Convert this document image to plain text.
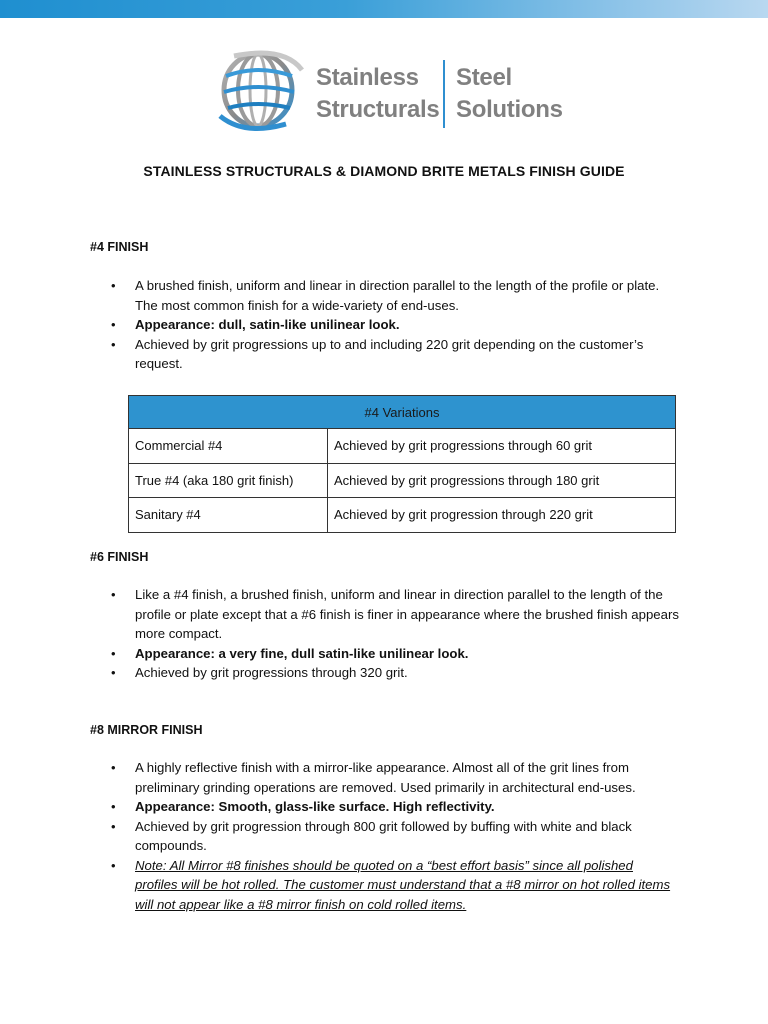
Stainless
Structurals
Steel
Solutions
STAINLESS STRUCTURALS & DIAMOND BRITE METALS FINISH GUIDE
#4 FINISH
• A brushed finish, uniform and linear in direction parallel to the length of the profile or plate. The most common finish for a wide-variety of end-uses.
• Appearance: dull, satin-like unilinear look.
• Achieved by grit progressions up to and including 220 grit depending on the customer’s request.
#4 Variations	
Commercial #4	Achieved by grit progressions through 60 grit
True #4 (aka 180 grit finish)	Achieved by grit progressions through 180 grit
Sanitary #4	Achieved by grit progression through 220 grit
#6 FINISH
• Like a #4 finish, a brushed finish, uniform and linear in direction parallel to the length of the profile or plate except that a #6 finish is finer in appearance where the brushed finish appears more compact.
• Appearance: a very fine, dull satin-like unilinear look.
• Achieved by grit progressions through 320 grit.
#8 MIRROR FINISH
• A highly reflective finish with a mirror-like appearance. Almost all of the grit lines from preliminary grinding operations are removed. Used primarily in architectural end-uses.
• Appearance: Smooth, glass-like surface. High reflectivity.
• Achieved by grit progression through 800 grit followed by buffing with white and black compounds.
• Note: All Mirror #8 finishes should be quoted on a “best effort basis” since all polished profiles will be hot rolled. The customer must understand that a #8 mirror on hot rolled items will not appear like a #8 mirror finish on cold rolled items.
